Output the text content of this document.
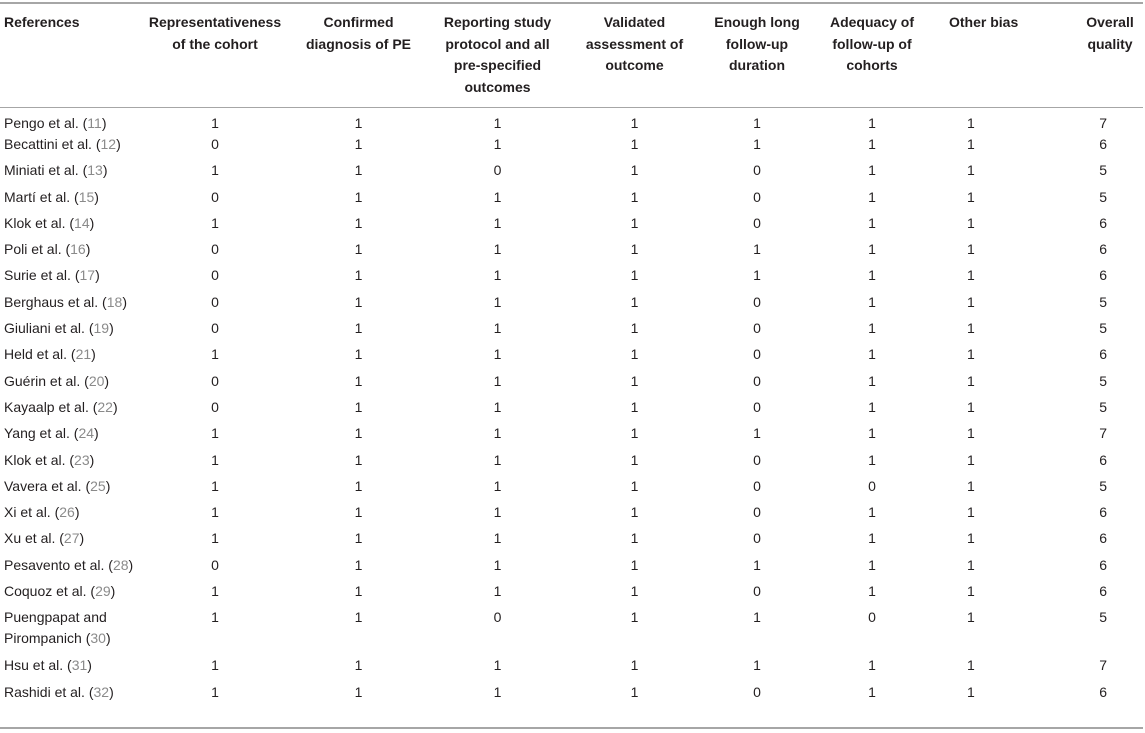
References	Representativeness of the cohort	Confirmed diagnosis of PE	Reporting study protocol and all pre-specified outcomes	Validated assessment of outcome	Enough long follow-up duration	Adequacy of follow-up of cohorts	Other bias	Overall quality
Pengo et al. (11)	1	1	1	1	1	1	1	7
Becattini et al. (12)	0	1	1	1	1	1	1	6
Miniati et al. (13)	1	1	0	1	0	1	1	5
Martí et al. (15)	0	1	1	1	0	1	1	5
Klok et al. (14)	1	1	1	1	0	1	1	6
Poli et al. (16)	0	1	1	1	1	1	1	6
Surie et al. (17)	0	1	1	1	1	1	1	6
Berghaus et al. (18)	0	1	1	1	0	1	1	5
Giuliani et al. (19)	0	1	1	1	0	1	1	5
Held et al. (21)	1	1	1	1	0	1	1	6
Guérin et al. (20)	0	1	1	1	0	1	1	5
Kayaalp et al. (22)	0	1	1	1	0	1	1	5
Yang et al. (24)	1	1	1	1	1	1	1	7
Klok et al. (23)	1	1	1	1	0	1	1	6
Vavera et al. (25)	1	1	1	1	0	0	1	5
Xi et al. (26)	1	1	1	1	0	1	1	6
Xu et al. (27)	1	1	1	1	0	1	1	6
Pesavento et al. (28)	0	1	1	1	1	1	1	6
Coquoz et al. (29)	1	1	1	1	0	1	1	6
Puengpapat and Pirompanich (30)	1	1	0	1	1	0	1	5
Hsu et al. (31)	1	1	1	1	1	1	1	7
Rashidi et al. (32)	1	1	1	1	0	1	1	6
